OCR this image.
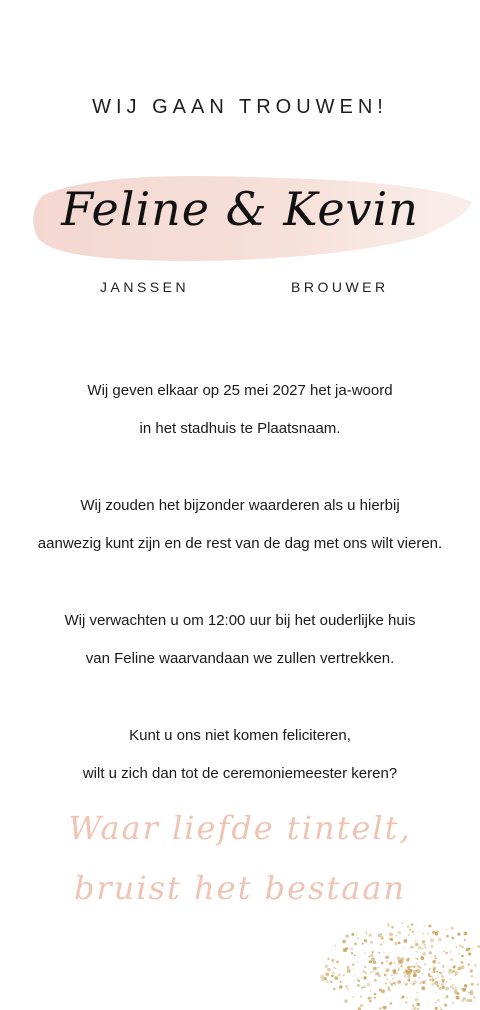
WIJ GAAN TROUWEN!
Feline & Kevin
JANSSEN	BROUWER

Wij geven elkaar op 25 mei 2027 het ja-woord
in het stadhuis te Plaatsnaam.

Wij zouden het bijzonder waarderen als u hierbij
aanwezig kunt zijn en de rest van de dag met ons wilt vieren.

Wij verwachten u om 12:00 uur bij het ouderlijke huis
van Feline waarvandaan we zullen vertrekken.

Kunt u ons niet komen feliciteren,
wilt u zich dan tot de ceremoniemeester keren?

Waar liefde tintelt,
bruist het bestaan
